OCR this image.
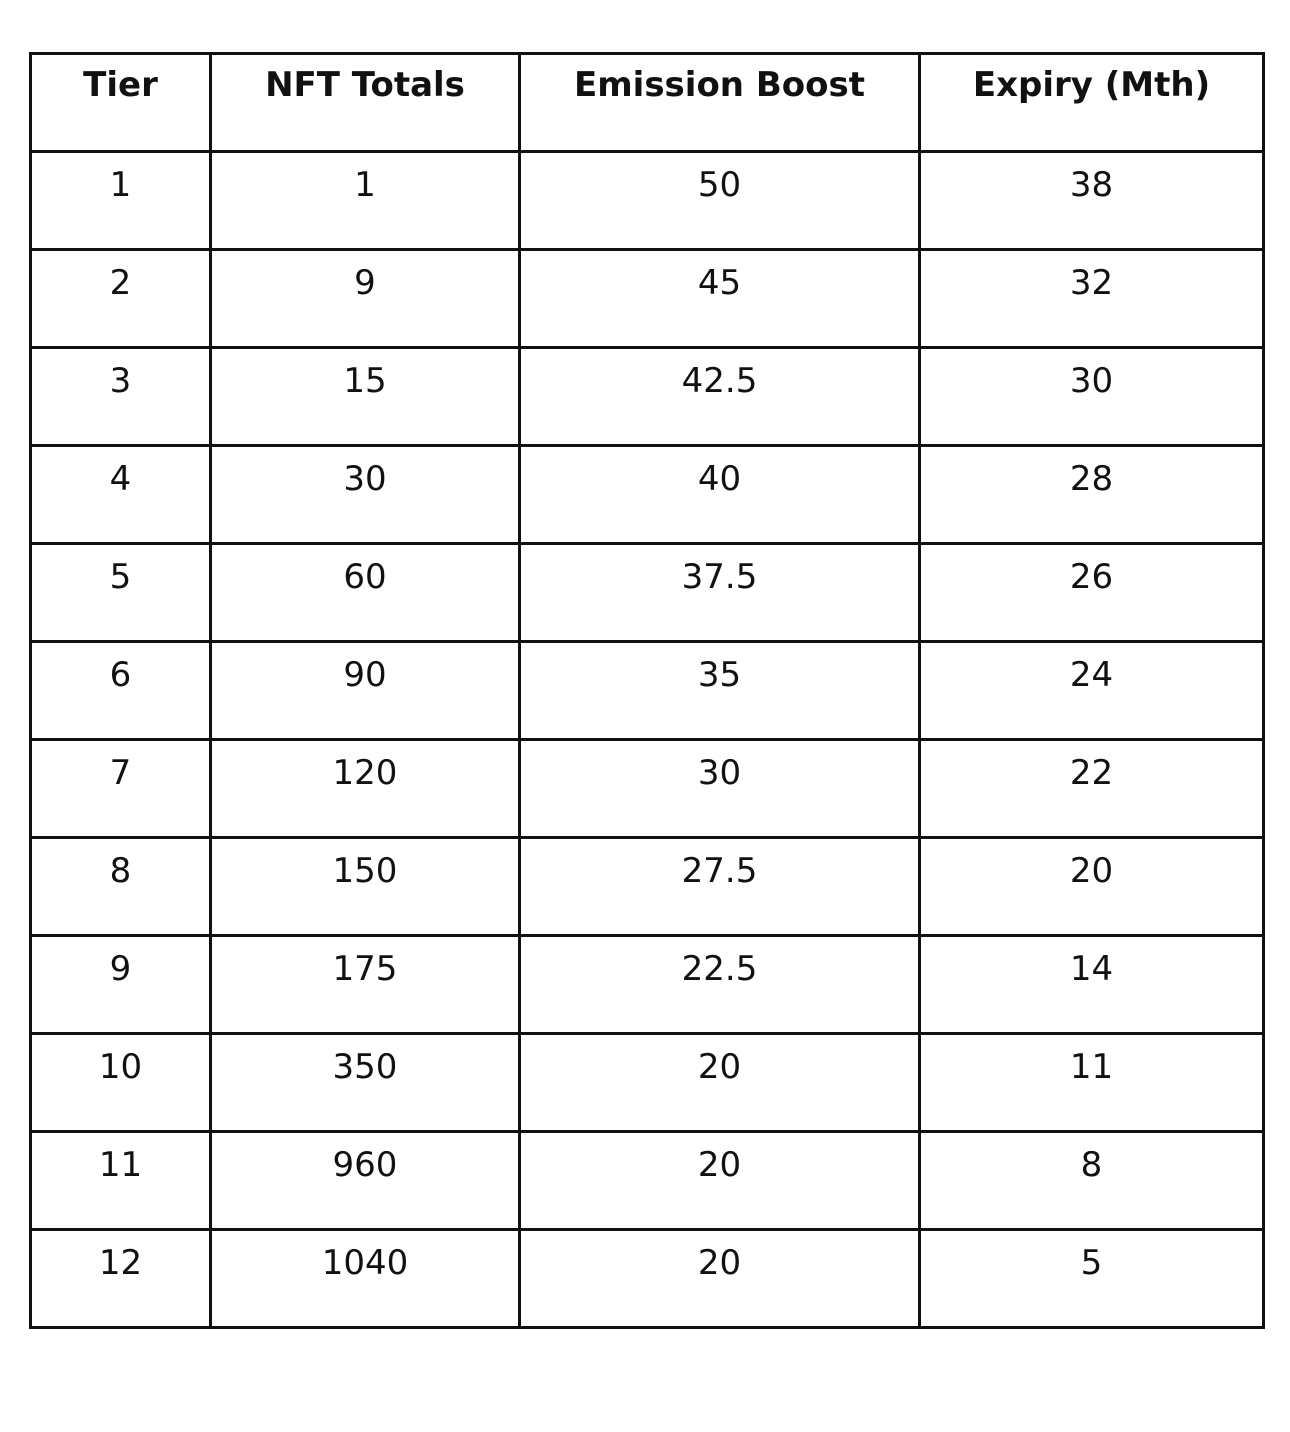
Tier	NFT Totals	Emission Boost	Expiry (Mth)
1	1	50	38
2	9	45	32
3	15	42.5	30
4	30	40	28
5	60	37.5	26
6	90	35	24
7	120	30	22
8	150	27.5	20
9	175	22.5	14
10	350	20	11
11	960	20	8
12	1040	20	5
